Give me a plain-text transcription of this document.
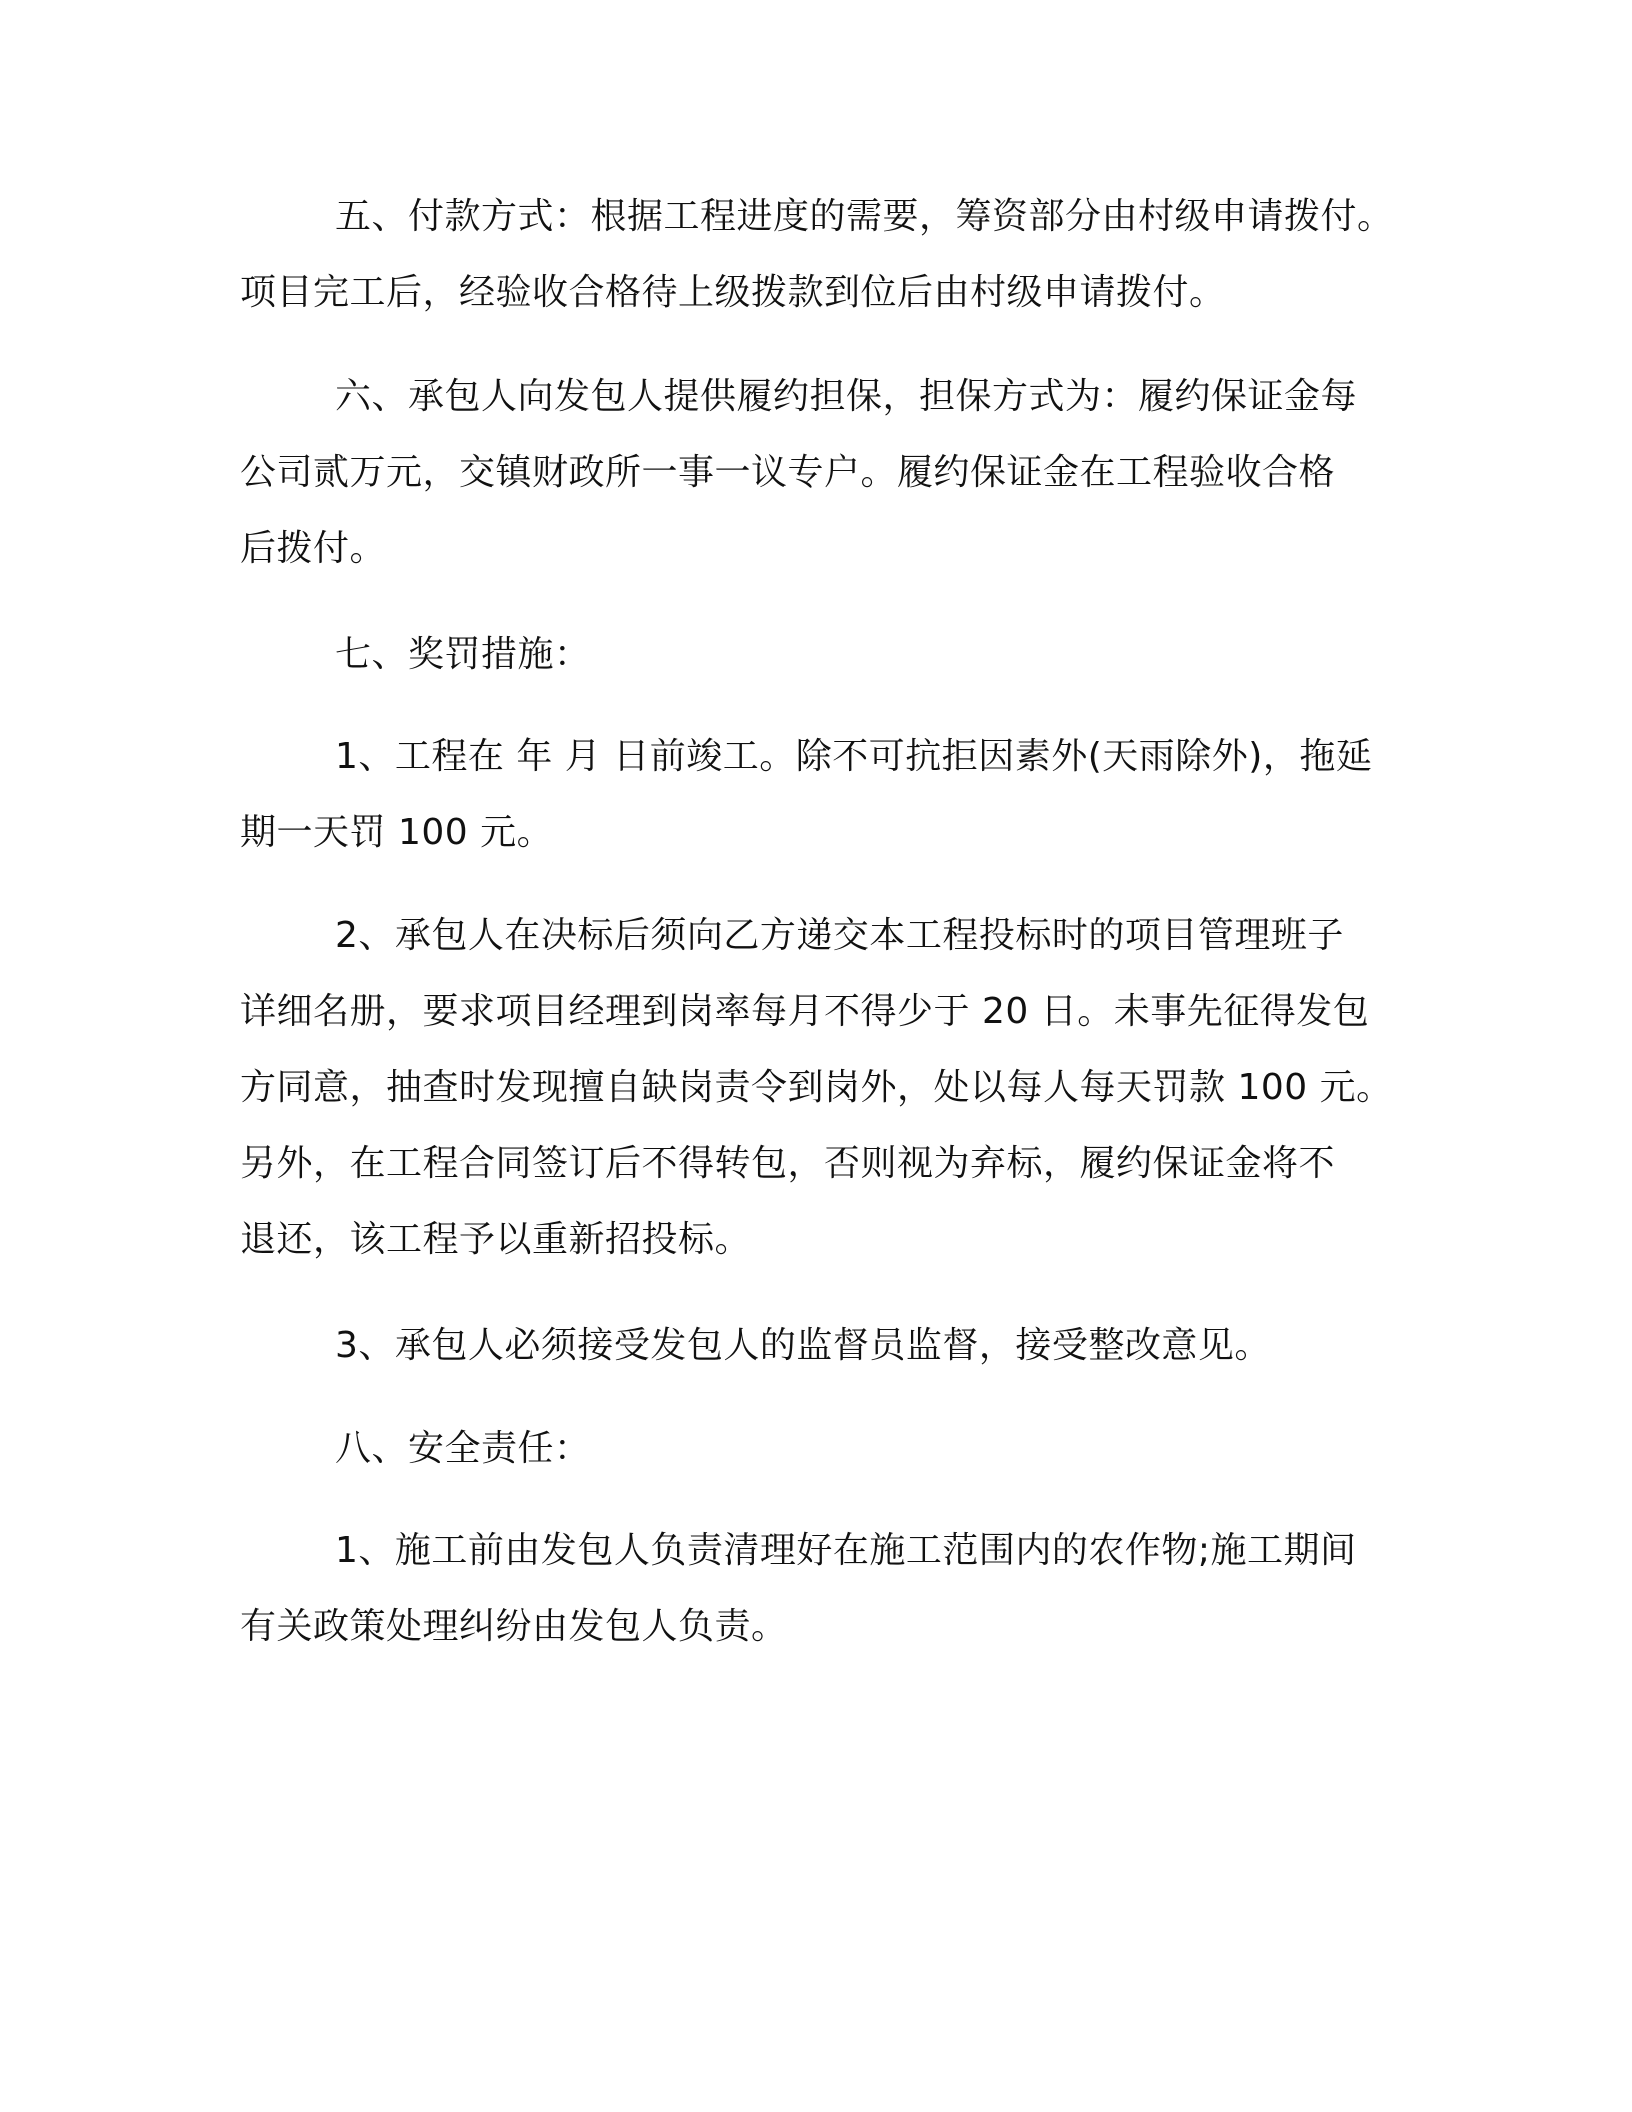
五、付款方式：根据工程进度的需要，筹资部分由村级申请拨付。
项目完工后，经验收合格待上级拨款到位后由村级申请拨付。

六、承包人向发包人提供履约担保，担保方式为：履约保证金每
公司贰万元，交镇财政所一事一议专户。履约保证金在工程验收合格
后拨付。

七、奖罚措施：

1、工程在 年 月 日前竣工。除不可抗拒因素外(天雨除外)，拖延
期一天罚 100 元。

2、承包人在决标后须向乙方递交本工程投标时的项目管理班子
详细名册，要求项目经理到岗率每月不得少于 20 日。未事先征得发包
方同意，抽查时发现擅自缺岗责令到岗外，处以每人每天罚款 100 元。
另外，在工程合同签订后不得转包，否则视为弃标，履约保证金将不
退还，该工程予以重新招投标。

3、承包人必须接受发包人的监督员监督，接受整改意见。

八、安全责任：

1、施工前由发包人负责清理好在施工范围内的农作物;施工期间
有关政策处理纠纷由发包人负责。
